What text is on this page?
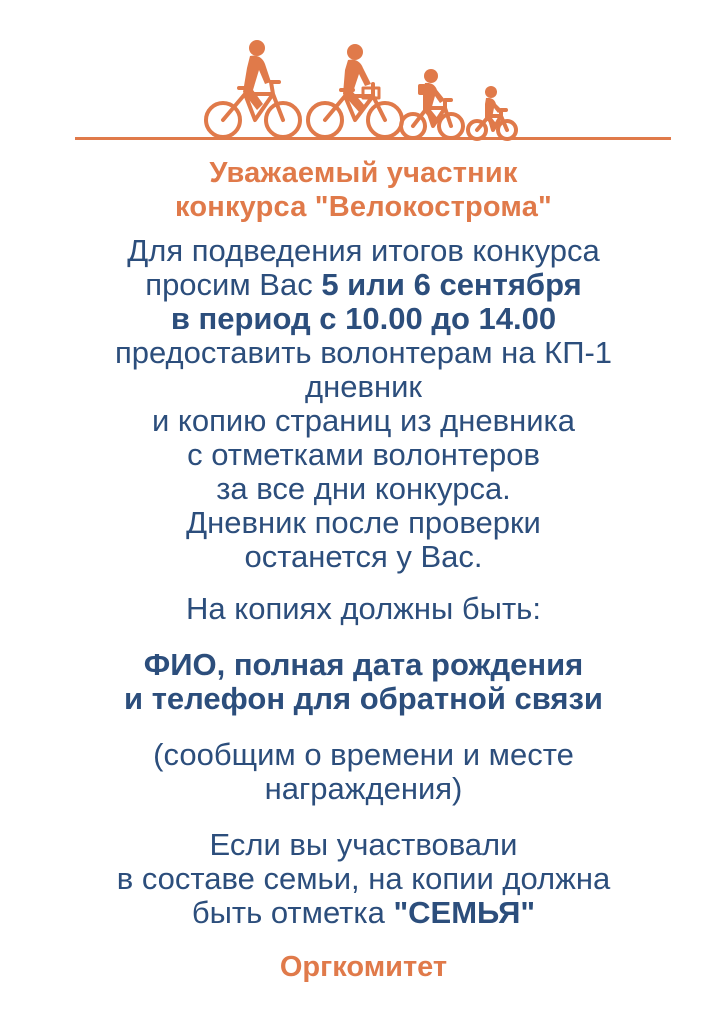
Уважаемый участник
конкурса "Велокострома"
Для подведения итогов конкурса
просим Вас 5 или 6 сентября
в период с 10.00 до 14.00
предоставить волонтерам на КП-1
дневник
и копию страниц из дневника
с отметками волонтеров
за все дни конкурса.
Дневник после проверки
останется у Вас.
На копиях должны быть:
ФИО, полная дата рождения
и телефон для обратной связи
(сообщим о времени и месте
награждения)
Если вы участвовали
в составе семьи, на копии должна
быть отметка "СЕМЬЯ"
Оргкомитет
